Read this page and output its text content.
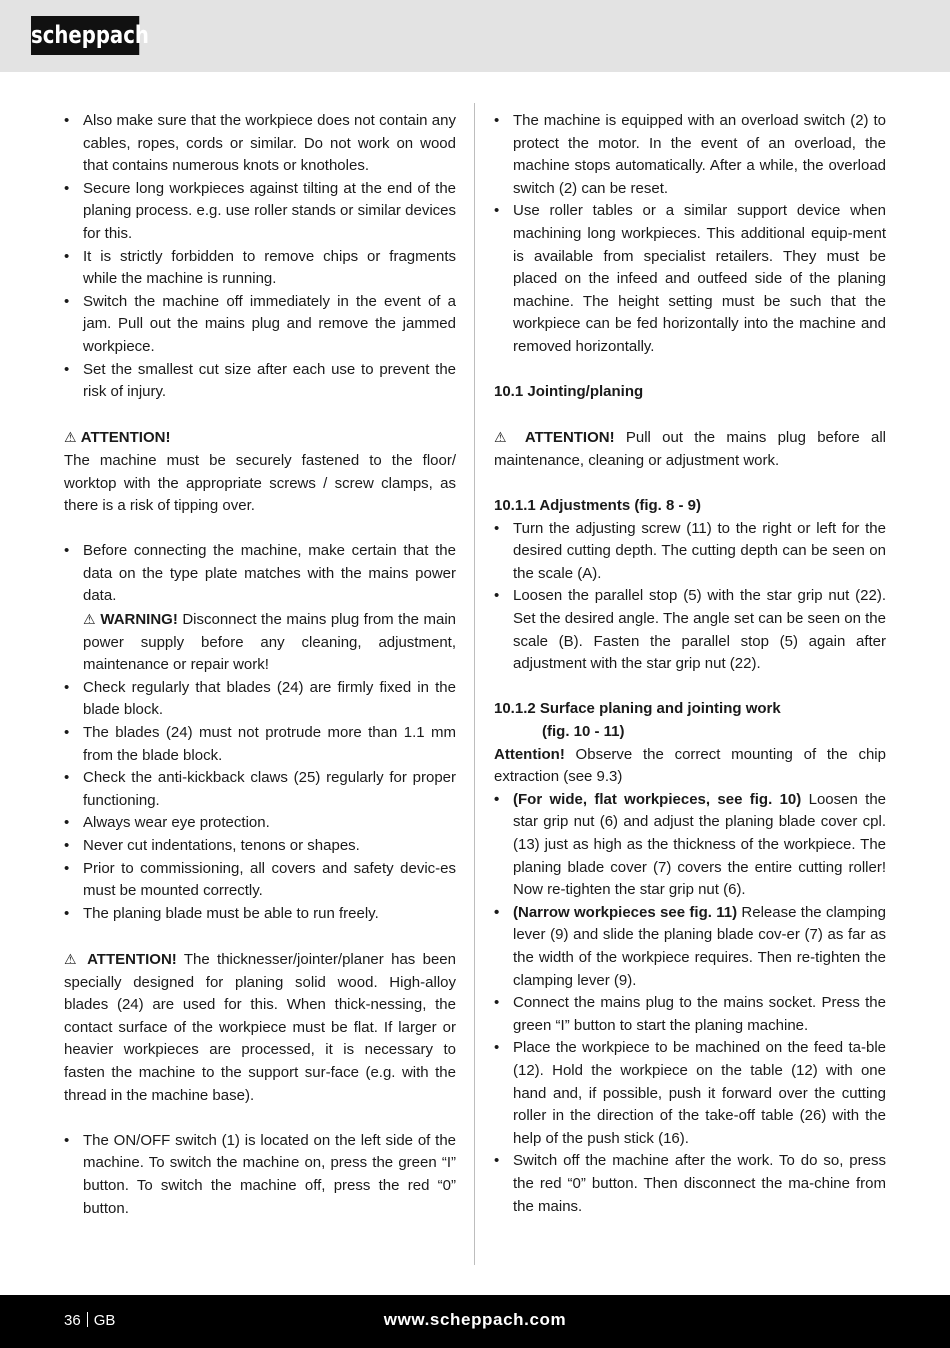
scheppach
• Also make sure that the workpiece does not contain any cables, ropes, cords or similar. Do not work on wood that contains numerous knots or knotholes.
• Secure long workpieces against tilting at the end of the planing process. e.g. use roller stands or similar devices for this.
• It is strictly forbidden to remove chips or fragments while the machine is running.
• Switch the machine off immediately in the event of a jam. Pull out the mains plug and remove the jammed workpiece.
• Set the smallest cut size after each use to prevent the risk of injury.

⚠ ATTENTION!

The machine must be securely fastened to the floor/ worktop with the appropriate screws / screw clamps, as there is a risk of tipping over.

• Before connecting the machine, make certain that the data on the type plate matches with the mains power data.
⚠ WARNING! Disconnect the mains plug from the main power supply before any cleaning, adjustment, maintenance or repair work!
• Check regularly that blades (24) are firmly fixed in the blade block.
• The blades (24) must not protrude more than 1.1 mm from the blade block.
• Check the anti-kickback claws (25) regularly for proper functioning.
• Always wear eye protection.
• Never cut indentations, tenons or shapes.
• Prior to commissioning, all covers and safety devic-es must be mounted correctly.
• The planing blade must be able to run freely.

⚠ ATTENTION! The thicknesser/jointer/planer has been specially designed for planing solid wood. High-alloy blades (24) are used for this. When thick-nessing, the contact surface of the workpiece must be flat. If larger or heavier workpieces are processed, it is necessary to fasten the machine to the support sur-face (e.g. with the thread in the machine base).

• The ON/OFF switch (1) is located on the left side of the machine. To switch the machine on, press the green “I” button. To switch the machine off, press the red “0” button.
• The machine is equipped with an overload switch (2) to protect the motor. In the event of an overload, the machine stops automatically. After a while, the overload switch (2) can be reset.
• Use roller tables or a similar support device when machining long workpieces. This additional equip-ment is available from specialist retailers. They must be placed on the infeed and outfeed side of the planing machine. The height setting must be such that the workpiece can be fed horizontally into the machine and removed horizontally.

10.1 Jointing/planing

⚠ ATTENTION! Pull out the mains plug before all maintenance, cleaning or adjustment work.

10.1.1 Adjustments (fig. 8 - 9)

• Turn the adjusting screw (11) to the right or left for the desired cutting depth. The cutting depth can be seen on the scale (A).
• Loosen the parallel stop (5) with the star grip nut (22). Set the desired angle. The angle set can be seen on the scale (B). Fasten the parallel stop (5) again after adjustment with the star grip nut (22).

10.1.2 Surface planing and jointing work

(fig. 10 - 11)

Attention! Observe the correct mounting of the chip extraction (see 9.3)

• (For wide, flat workpieces, see fig. 10) Loosen the star grip nut (6) and adjust the planing blade cover cpl. (13) just as high as the thickness of the workpiece. The planing blade cover (7) covers the entire cutting roller! Now re-tighten the star grip nut (6).
• (Narrow workpieces see fig. 11) Release the clamping lever (9) and slide the planing blade cov-er (7) as far as the width of the workpiece requires. Then re-tighten the clamping lever (9).
• Connect the mains plug to the mains socket. Press the green “I” button to start the planing machine.
• Place the workpiece to be machined on the feed ta-ble (12). Hold the workpiece on the table (12) with one hand and, if possible, push it forward over the cutting roller in the direction of the take-off table (26) with the help of the push stick (16).
• Switch off the machine after the work. To do so, press the red “0” button. Then disconnect the ma-chine from the mains.
36 GB	www.scheppach.com
